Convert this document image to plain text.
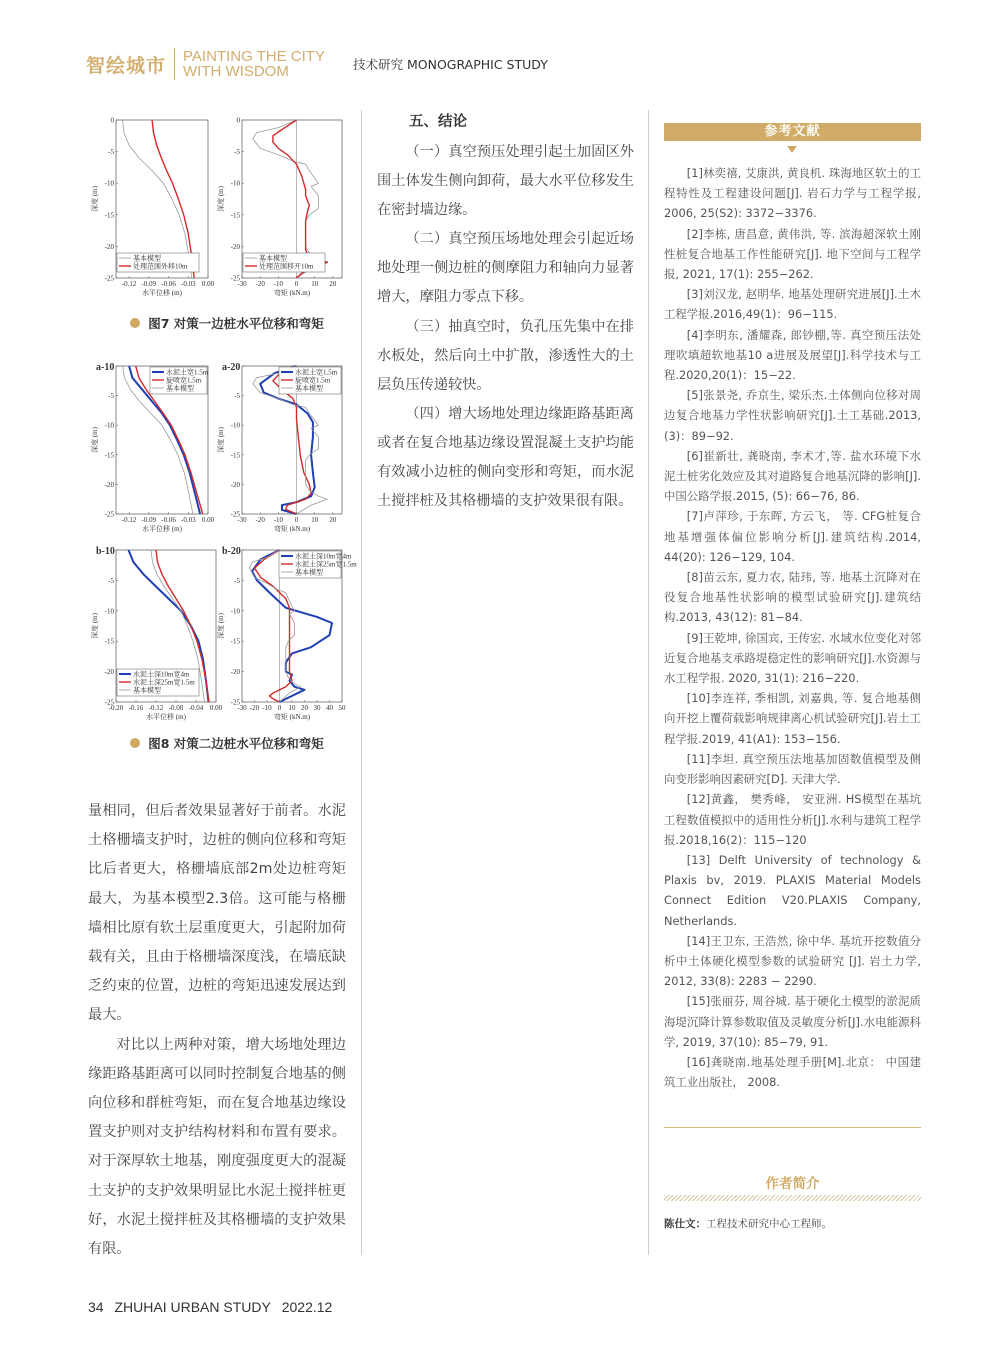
智绘城市 PAINTING THE CITY
WITH WISDOM	技术研究 MONOGRAPHIC STUDY
-0.12 -0.09 -0.06 -0.03 0.00
0
-5
-10
-15
-20
-25
水平位移 (m)
深度 (m)
基本模型
处理范围外移10m
-30 -20 -10 0 10 20
0
-5
-10
-15
-20
-25
弯矩 (kN.m)
深度 (m)
基本模型
处理范围移开10m
图7 对策一边桩水平位移和弯矩
-0.12 -0.09 -0.06 -0.03 0.00
-5
-10
-15
-20
-25
a-10
水平位移 (m)
深度 (m)
水泥土宽1.5m
旋喷宽1.5m
基本模型
-30 -20 -10 0 10 20
-5
-10
-15
-20
-25
a-20
弯矩 (kN.m)
深度 (m)
水泥土宽1.5m
旋喷宽1.5m
基本模型
-0.20 -0.16 -0.12 -0.08 -0.04 0.00
-5
-10
-15
-20
-25
b-10
水平位移 (m)
深度 (m)
水泥土深10m宽4m
水泥土深25m宽1.5m
基本模型
-30 -20 -10 0 10 20 30 40 50
-5
-10
-15
-20
-25
b-20
弯矩 (kN.m)
深度 (m)
水泥土深10m宽4m
水泥土深25m宽1.5m
基本模型
图8 对策二边桩水平位移和弯矩

量相同，但后者效果显著好于前者。水泥土格栅墙支护时，边桩的侧向位移和弯矩比后者更大，格栅墙底部2m处边桩弯矩最大，为基本模型2.3倍。这可能与格栅墙相比原有软土层重度更大，引起附加荷载有关，且由于格栅墙深度浅，在墙底缺乏约束的位置，边桩的弯矩迅速发展达到最大。

对比以上两种对策，增大场地处理边缘距路基距离可以同时控制复合地基的侧向位移和群桩弯矩，而在复合地基边缘设置支护则对支护结构材料和布置有要求。对于深厚软土地基，刚度强度更大的混凝土支护的支护效果明显比水泥土搅拌桩更好，水泥土搅拌桩及其格栅墙的支护效果有限。

五、结论

（一）真空预压处理引起土加固区外围土体发生侧向卸荷，最大水平位移发生在密封墙边缘。

（二）真空预压场地处理会引起近场地处理一侧边桩的侧摩阻力和轴向力显著增大，摩阻力零点下移。

（三）抽真空时，负孔压先集中在排水板处，然后向土中扩散，渗透性大的土层负压传递较快。

（四）增大场地处理边缘距路基距离或者在复合地基边缘设置混凝土支护均能有效减小边桩的侧向变形和弯矩，而水泥土搅拌桩及其格栅墙的支护效果很有限。

参考文献

[1]林奕禧, 艾康洪, 黄良机. 珠海地区软土的工程特性及工程建设问题[J]. 岩石力学与工程学报, 2006, 25(S2): 3372−3376.

[2]李栋, 唐昌意, 黄伟洪, 等. 滨海超深软土刚性桩复合地基工作性能研究[J]. 地下空间与工程学报, 2021, 17(1): 255−262.

[3]刘汉龙, 赵明华. 地基处理研究进展[J].土木工程学报.2016,49(1)：96−115.

[4]李明东, 潘耀森, 郎钞棚,等. 真空预压法处理吹填超软地基10 a进展及展望[J].科学技术与工程.2020,20(1)：15−22.

[5]张景尧, 乔京生, 梁乐杰.土体侧向位移对周边复合地基力学性状影响研究[J].土工基础.2013,(3)：89−92.

[6]崔新壮, 龚晓南, 李术才,等. 盐水环境下水泥土桩劣化效应及其对道路复合地基沉降的影响[J].中国公路学报.2015, (5): 66−76, 86.

[7]卢萍珍, 于东晖, 方云飞， 等. CFG桩复合地基增强体偏位影响分析[J].建筑结构.2014, 44(20): 126−129, 104.

[8]苗云东, 夏力农, 陆玮, 等. 地基土沉降对在役复合地基性状影响的模型试验研究[J].建筑结构.2013, 43(12): 81−84.

[9]王乾坤, 徐国宾, 王传宏. 水域水位变化对邻近复合地基支承路堤稳定性的影响研究[J].水资源与水工程学报. 2020, 31(1): 216−220.

[10]李连祥, 季相凯, 刘嘉典, 等. 复合地基侧向开挖上覆荷载影响规律离心机试验研究[J].岩土工程学报.2019, 41(A1): 153−156.

[11]李坦. 真空预压法地基加固数值模型及侧向变形影响因素研究[D]. 天津大学.

[12]黄鑫， 樊秀峰， 安亚洲. HS模型在基坑工程数值模拟中的适用性分析[J].水利与建筑工程学报.2018,16(2)：115−120

[13] Delft University of technology & Plaxis bv, 2019. PLAXIS Material Models Connect Edition V20.PLAXIS Company, Netherlands.

[14]王卫东, 王浩然, 徐中华. 基坑开挖数值分析中土体硬化模型参数的试验研究 [J]. 岩土力学, 2012, 33(8): 2283 − 2290.

[15]张丽芬, 周谷城. 基于硬化土模型的淤泥质海堤沉降计算参数取值及灵敏度分析[J].水电能源科学, 2019, 37(10): 85−79, 91.

[16]龚晓南.地基处理手册[M].北京： 中国建筑工业出版社， 2008.

作者简介
陈仕文：工程技术研究中心工程师。
34 ZHUHAI URBAN STUDY 2022.12
